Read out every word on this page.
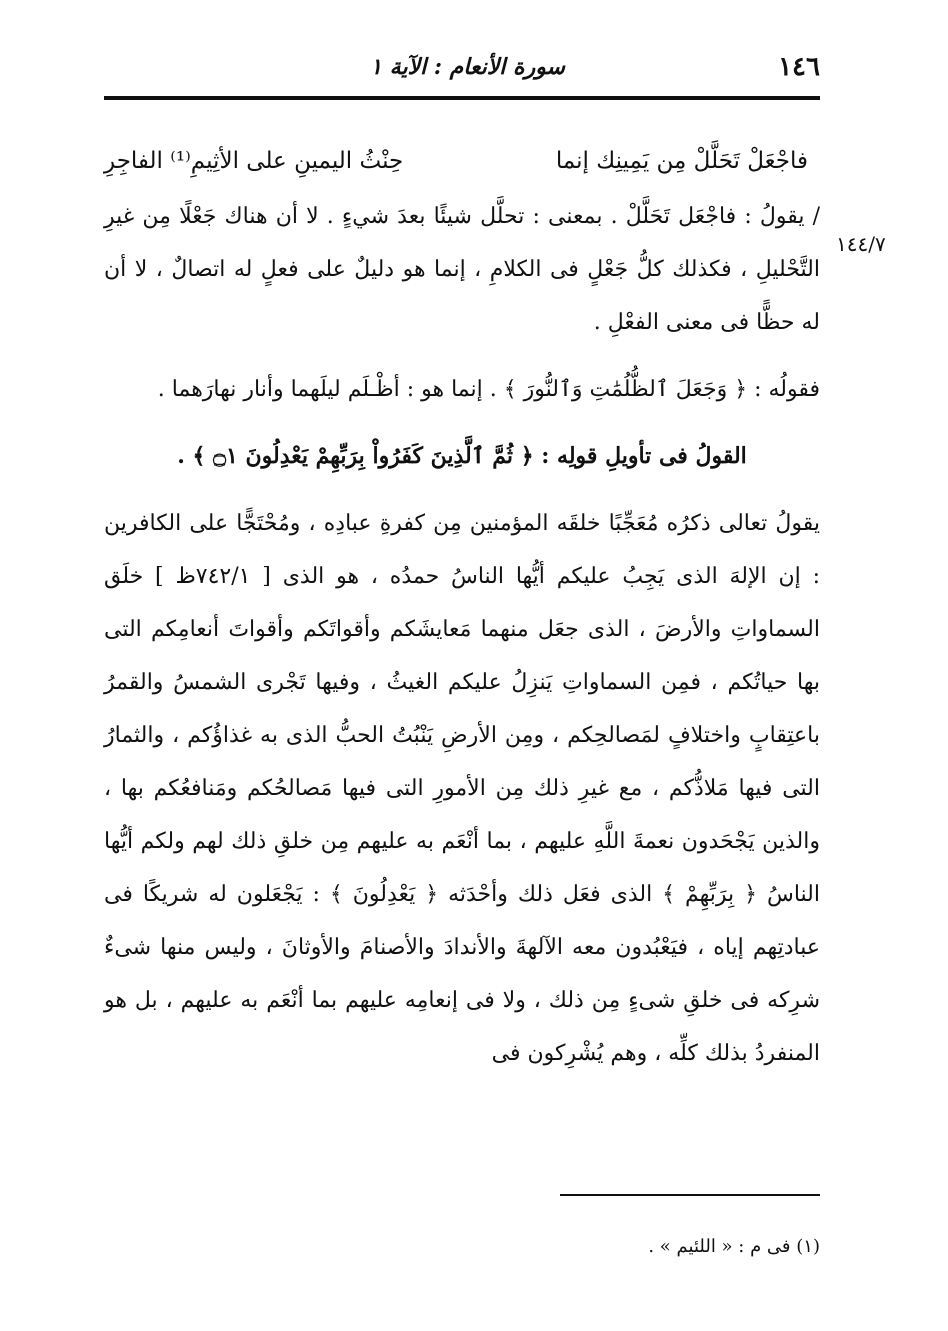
١٤٦
سورة الأنعام : الآية ١
١٤٤/٧
فاجْعَلْ تَحَلَّلْ مِن يَمِينِك إنما
حِنْثُ اليمينِ على الأثِيمِ⁽¹⁾ الفاجِرِ

/ يقولُ : فاجْعَل تَحَلَّلْ . بمعنى : تحلَّل شيئًا بعدَ شيءٍ . لا أن هناك جَعْلًا مِن غيرِ التَّحْليلِ ، فكذلك كلُّ جَعْلٍ فى الكلامِ ، إنما هو دليلٌ على فعلٍ له اتصالٌ ، لا أن له حظًّا فى معنى الفعْلِ .

فقولُه : ﴿ وَجَعَلَ ٱلظُّلُمَٰتِ وَٱلنُّورَ ﴾ . إنما هو : أظْـلَم ليلَهما وأنار نهارَهما .

القولُ فى تأويلِ قولِه : ﴿ ثُمَّ ٱلَّذِينَ كَفَرُواْ بِرَبِّهِمْ يَعْدِلُونَ ۝١ ﴾ .

يقولُ تعالى ذكرُه مُعَجِّبًا خلقَه المؤمنين مِن كفرةِ عبادِه ، ومُحْتَجًّا على الكافرين : إن الإلهَ الذى يَجِبُ عليكم أيُّها الناسُ حمدُه ، هو الذى [ ٧٤٢/١ظ ] خلَق السماواتِ والأرضَ ، الذى جعَل منهما مَعايشَكم وأقواتَكم وأقواتَ أنعامِكم التى بها حياتُكم ، فمِن السماواتِ يَنزِلُ عليكم الغيثُ ، وفيها تَجْرى الشمسُ والقمرُ باعتِقابٍ واختلافٍ لمَصالحِكم ، ومِن الأرضِ يَنْبُتُ الحبُّ الذى به غذاؤُكم ، والثمارُ التى فيها مَلاذُّكم ، مع غيرِ ذلك مِن الأمورِ التى فيها مَصالحُكم ومَنافعُكم بها ، والذين يَجْحَدون نعمةَ اللَّهِ عليهم ، بما أنْعَم به عليهم مِن خلقِ ذلك لهم ولكم أيُّها الناسُ ﴿ بِرَبِّهِمْ ﴾ الذى فعَل ذلك وأحْدَثه ﴿ يَعْدِلُونَ ﴾ : يَجْعَلون له شريكًا فى عبادتِهم إياه ، فيَعْبُدون معه الآلهةَ والأندادَ والأصنامَ والأوثانَ ، وليس منها شىءٌ شرِكه فى خلقِ شىءٍ مِن ذلك ، ولا فى إنعامِه عليهم بما أنْعَم به عليهم ، بل هو المنفردُ بذلك كلِّه ، وهم يُشْرِكون فى

(١) فى م : « اللئيم » .
